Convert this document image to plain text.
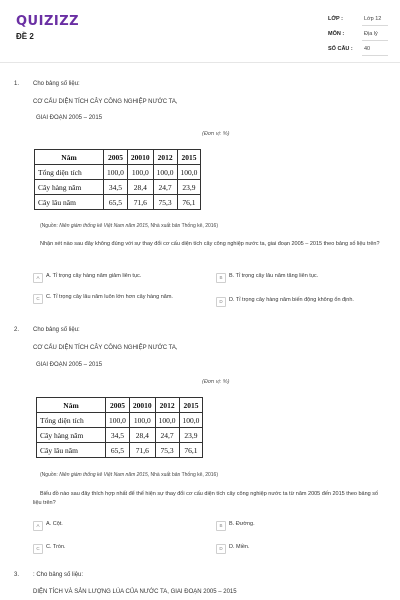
QUIZIZZ
ĐỀ 2
LỚP :	Lớp 12
MÔN :	Địa lý
SỐ CÂU : 40
1. Cho bảng số liệu:
CƠ CẤU DIỆN TÍCH CÂY CÔNG NGHIỆP NƯỚC TA,
GIAI ĐOẠN 2005 – 2015
(Đơn vị: %)
Năm	2005	20010	2012	2015
Tổng diện tích	100,0	100,0	100,0	100,0
Cây hàng năm	34,5	28,4	24,7	23,9
Cây lâu năm	65,5	71,6	75,3	76,1
(Nguồn: Niên giám thống kê Việt Nam năm 2015, Nhà xuất bản Thống kê, 2016)
Nhận xét nào sau đây không đúng với sự thay đổi cơ cấu diện tích cây công nghiệp nước ta, giai đoạn 2005 – 2015 theo bảng số liệu trên?
A	A. Tỉ trọng cây hàng năm giảm liên tục.	B	B. Tỉ trọng cây lâu năm tăng liên tục.
C	C. Tỉ trọng cây lâu năm luôn lớn hơn cây hàng năm.
D	D. Tỉ trọng cây hàng năm biến động không ổn định.
2. Cho bảng số liệu:
CƠ CẤU DIỆN TÍCH CÂY CÔNG NGHIỆP NƯỚC TA,
GIAI ĐOẠN 2005 – 2015
(Đơn vị: %)
Năm	2005	20010	2012	2015
Tổng diện tích	100,0	100,0	100,0	100,0
Cây hàng năm	34,5	28,4	24,7	23,9
Cây lâu năm	65,5	71,6	75,3	76,1
(Nguồn: Niên giám thống kê Việt Nam năm 2015, Nhà xuất bản Thống kê, 2016)
Biểu đồ nào sau đây thích hợp nhất để thể hiện sự thay đổi cơ cấu diện tích cây công nghiệp nước ta từ năm 2005 đến 2015 theo bảng số liệu trên?
A	A. Cột.	B	B. Đường.
C	C. Tròn.	D	D. Miền.
3. : Cho bảng số liệu:
DIỆN TÍCH VÀ SẢN LƯỢNG LÚA CỦA NƯỚC TA, GIAI ĐOẠN 2005 – 2015
